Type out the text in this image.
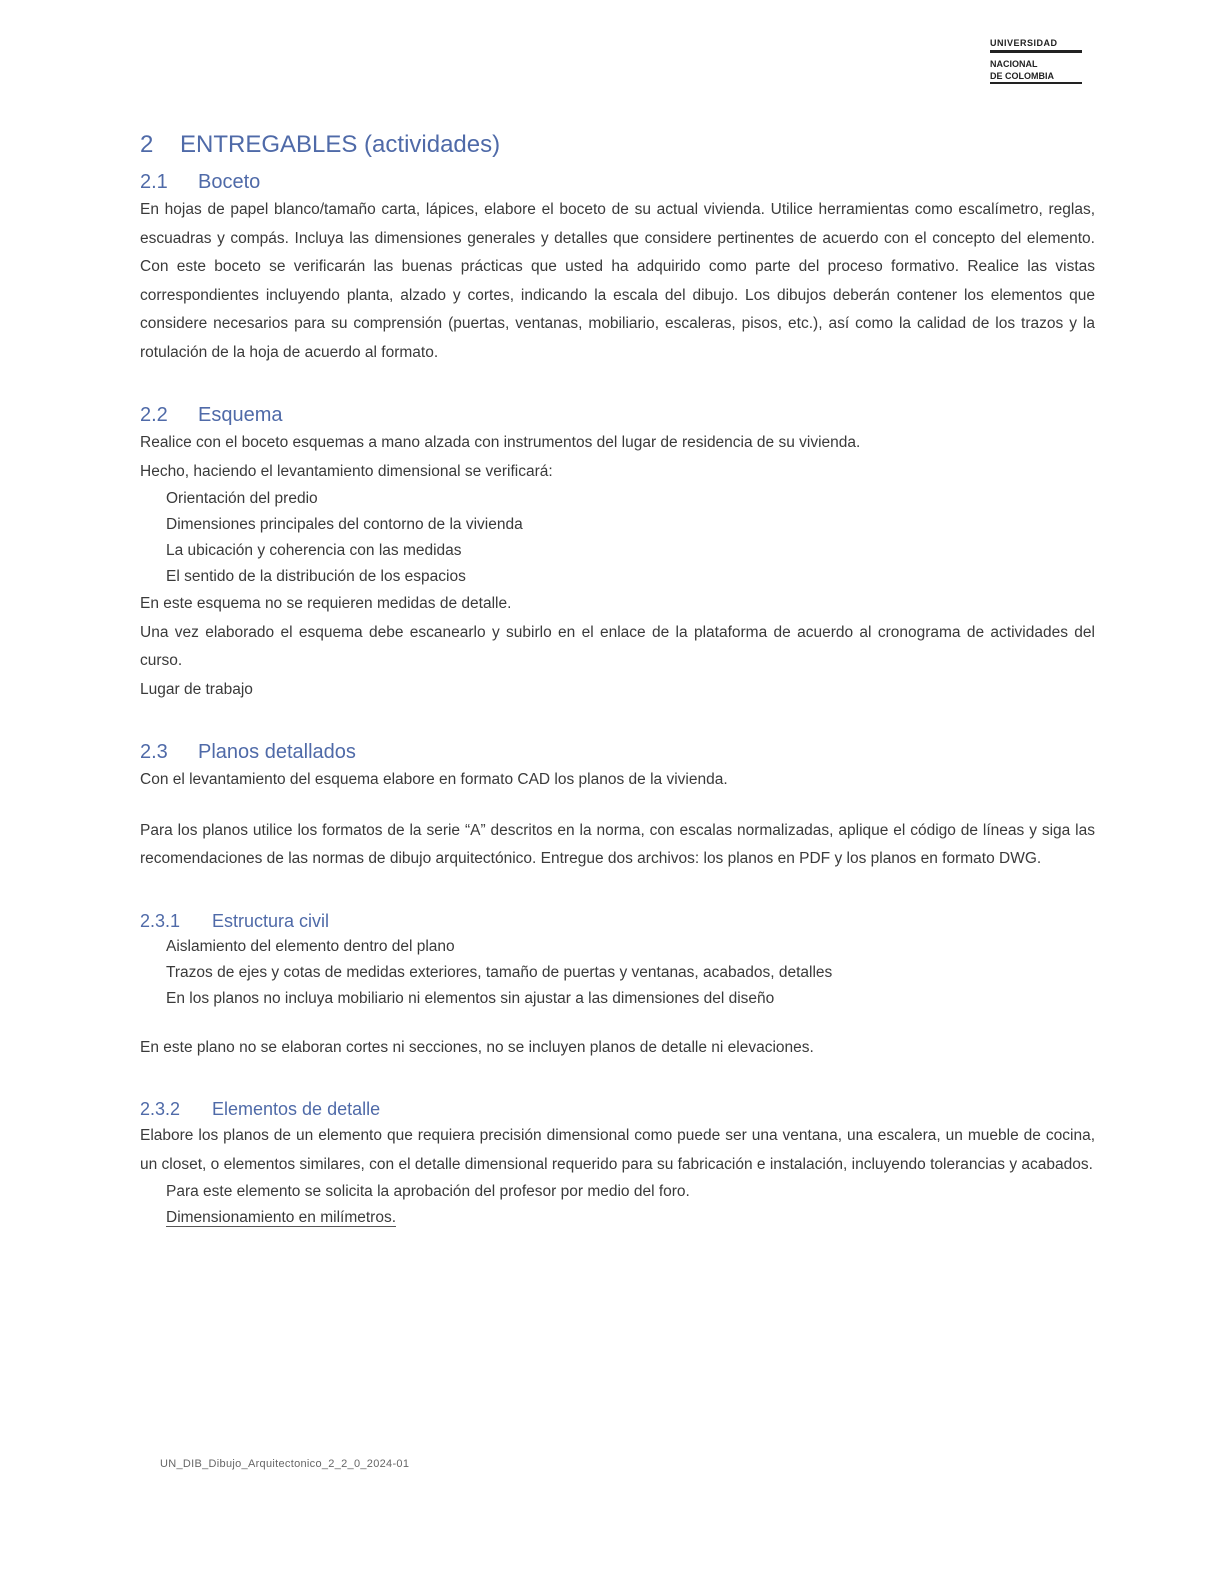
UNIVERSIDAD
NACIONAL
DE COLOMBIA
2 ENTREGABLES (actividades)
2.1 Boceto

En hojas de papel blanco/tamaño carta, lápices, elabore el boceto de su actual vivienda. Utilice herramientas como escalímetro, reglas, escuadras y compás. Incluya las dimensiones generales y detalles que considere pertinentes de acuerdo con el concepto del elemento. Con este boceto se verificarán las buenas prácticas que usted ha adquirido como parte del proceso formativo. Realice las vistas correspondientes incluyendo planta, alzado y cortes, indicando la escala del dibujo. Los dibujos deberán contener los elementos que considere necesarios para su comprensión (puertas, ventanas, mobiliario, escaleras, pisos, etc.), así como la calidad de los trazos y la rotulación de la hoja de acuerdo al formato.

2.2 Esquema

Realice con el boceto esquemas a mano alzada con instrumentos del lugar de residencia de su vivienda.

Hecho, haciendo el levantamiento dimensional se verificará:

Orientación del predio
Dimensiones principales del contorno de la vivienda
La ubicación y coherencia con las medidas
El sentido de la distribución de los espacios

En este esquema no se requieren medidas de detalle.

Una vez elaborado el esquema debe escanearlo y subirlo en el enlace de la plataforma de acuerdo al cronograma de actividades del curso.

Lugar de trabajo

2.3 Planos detallados

Con el levantamiento del esquema elabore en formato CAD los planos de la vivienda.

Para los planos utilice los formatos de la serie “A” descritos en la norma, con escalas normalizadas, aplique el código de líneas y siga las recomendaciones de las normas de dibujo arquitectónico. Entregue dos archivos: los planos en PDF y los planos en formato DWG.

2.3.1 Estructura civil
Aislamiento del elemento dentro del plano
Trazos de ejes y cotas de medidas exteriores, tamaño de puertas y ventanas, acabados, detalles
En los planos no incluya mobiliario ni elementos sin ajustar a las dimensiones del diseño

En este plano no se elaboran cortes ni secciones, no se incluyen planos de detalle ni elevaciones.

2.3.2 Elementos de detalle

Elabore los planos de un elemento que requiera precisión dimensional como puede ser una ventana, una escalera, un mueble de cocina, un closet, o elementos similares, con el detalle dimensional requerido para su fabricación e instalación, incluyendo tolerancias y acabados.

Para este elemento se solicita la aprobación del profesor por medio del foro.
Dimensionamiento en milímetros.
UN_DIB_Dibujo_Arquitectonico_2_2_0_2024-01
